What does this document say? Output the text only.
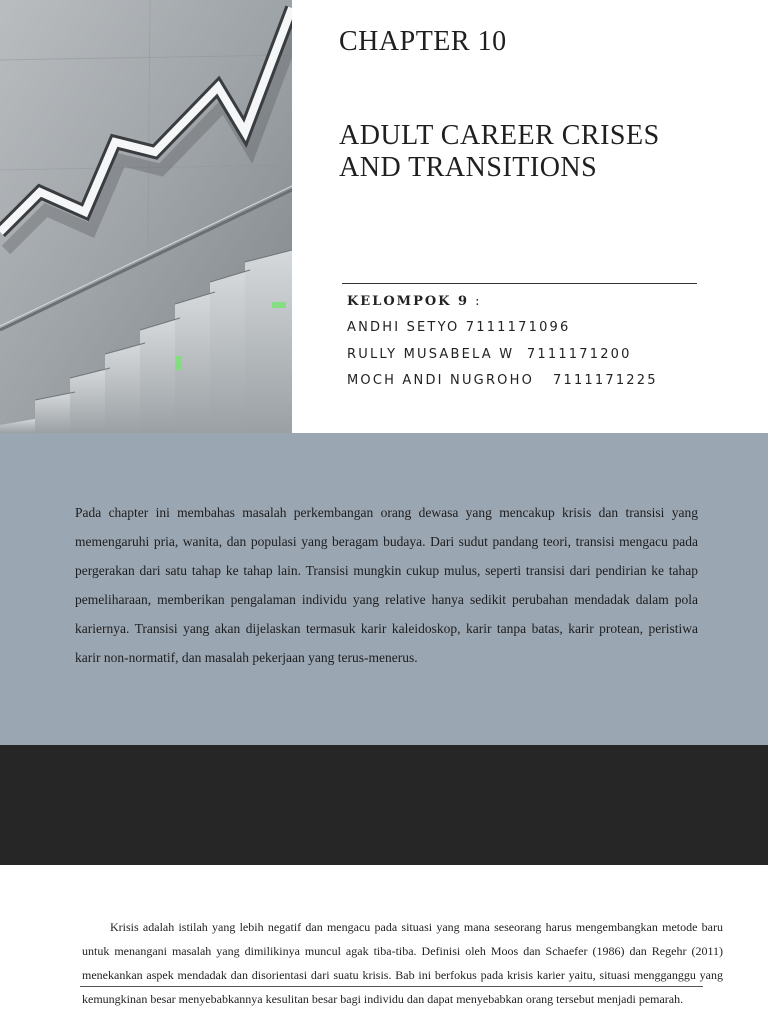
CHAPTER 10
ADULT CAREER CRISES AND TRANSITIONS
KELOMPOK 9 :
ANDHI SETYO 7111171096
RULLY MUSABELA W  7111171200
MOCH ANDI NUGROHO   7111171225

Pada chapter ini membahas masalah perkembangan orang dewasa yang mencakup krisis dan transisi yang memengaruhi pria, wanita, dan populasi yang beragam budaya. Dari sudut pandang teori, transisi mengacu pada pergerakan dari satu tahap ke tahap lain. Transisi mungkin cukup mulus, seperti transisi dari pendirian ke tahap pemeliharaan, memberikan pengalaman individu yang relative hanya sedikit perubahan mendadak dalam pola kariernya. Transisi yang akan dijelaskan termasuk karir kaleidoskop, karir tanpa batas, karir protean, peristiwa karir non-normatif, dan masalah pekerjaan yang terus-menerus.

Krisis adalah istilah yang lebih negatif dan mengacu pada situasi yang mana seseorang harus mengembangkan metode baru untuk menangani masalah yang dimilikinya muncul agak tiba-tiba. Definisi oleh Moos dan Schaefer (1986) dan Regehr (2011) menekankan aspek mendadak dan disorientasi dari suatu krisis. Bab ini berfokus pada krisis karier yaitu, situasi mengganggu yang kemungkinan besar menyebabkannya kesulitan besar bagi individu dan dapat menyebabkan orang tersebut menjadi pemarah.
